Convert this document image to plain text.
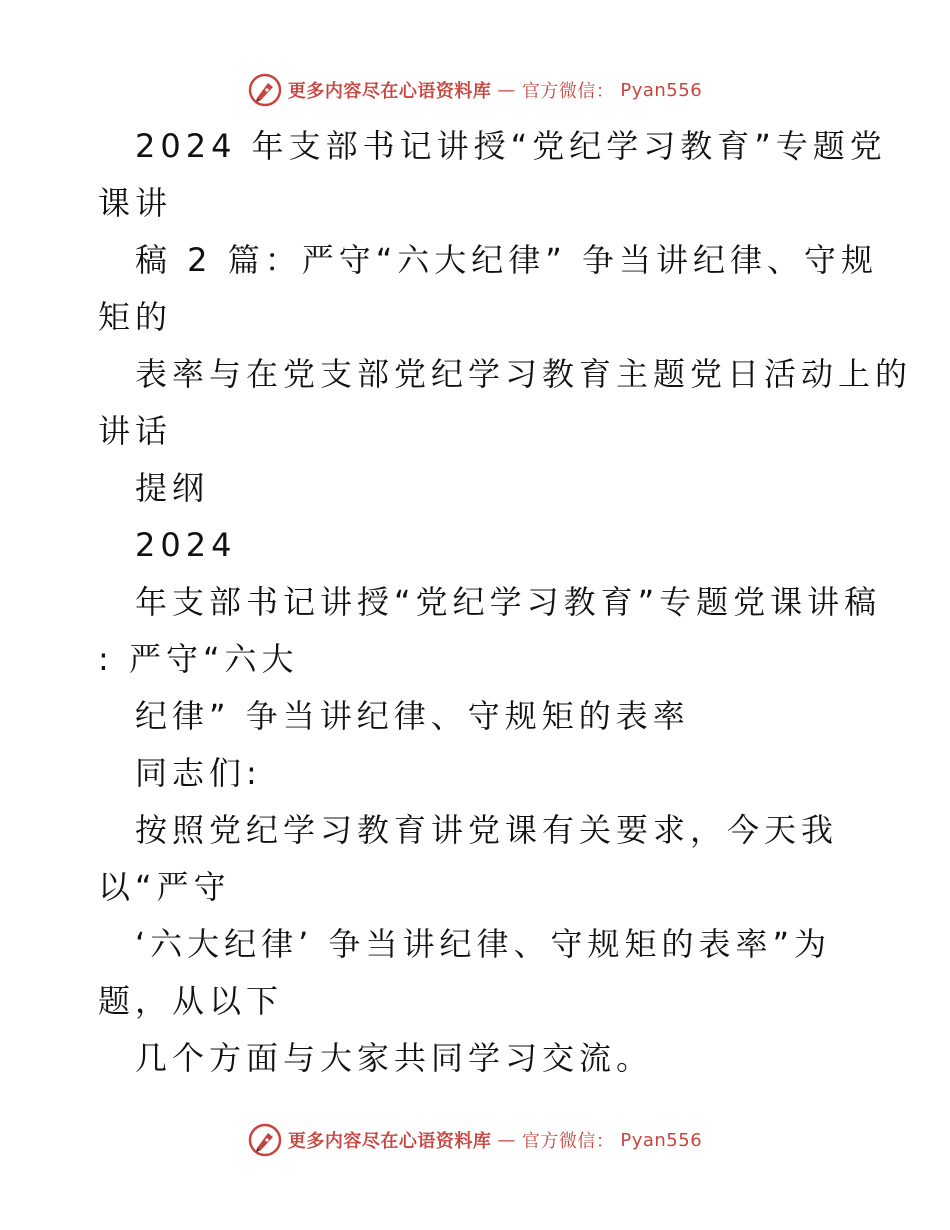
更多内容尽在心语资料库 — 官方微信： Pyan556
2024 年支部书记讲授“党纪学习教育”专题党
课讲
稿 2 篇：严守“六大纪律” 争当讲纪律、守规
矩的
表率与在党支部党纪学习教育主题党日活动上的
讲话
提纲
2024
年支部书记讲授“党纪学习教育”专题党课讲稿
: 严守“六大
纪律” 争当讲纪律、守规矩的表率
同志们:
按照党纪学习教育讲党课有关要求，今天我
以“严守
‘六大纪律’ 争当讲纪律、守规矩的表率”为
题，从以下
几个方面与大家共同学习交流。
更多内容尽在心语资料库 — 官方微信： Pyan556
